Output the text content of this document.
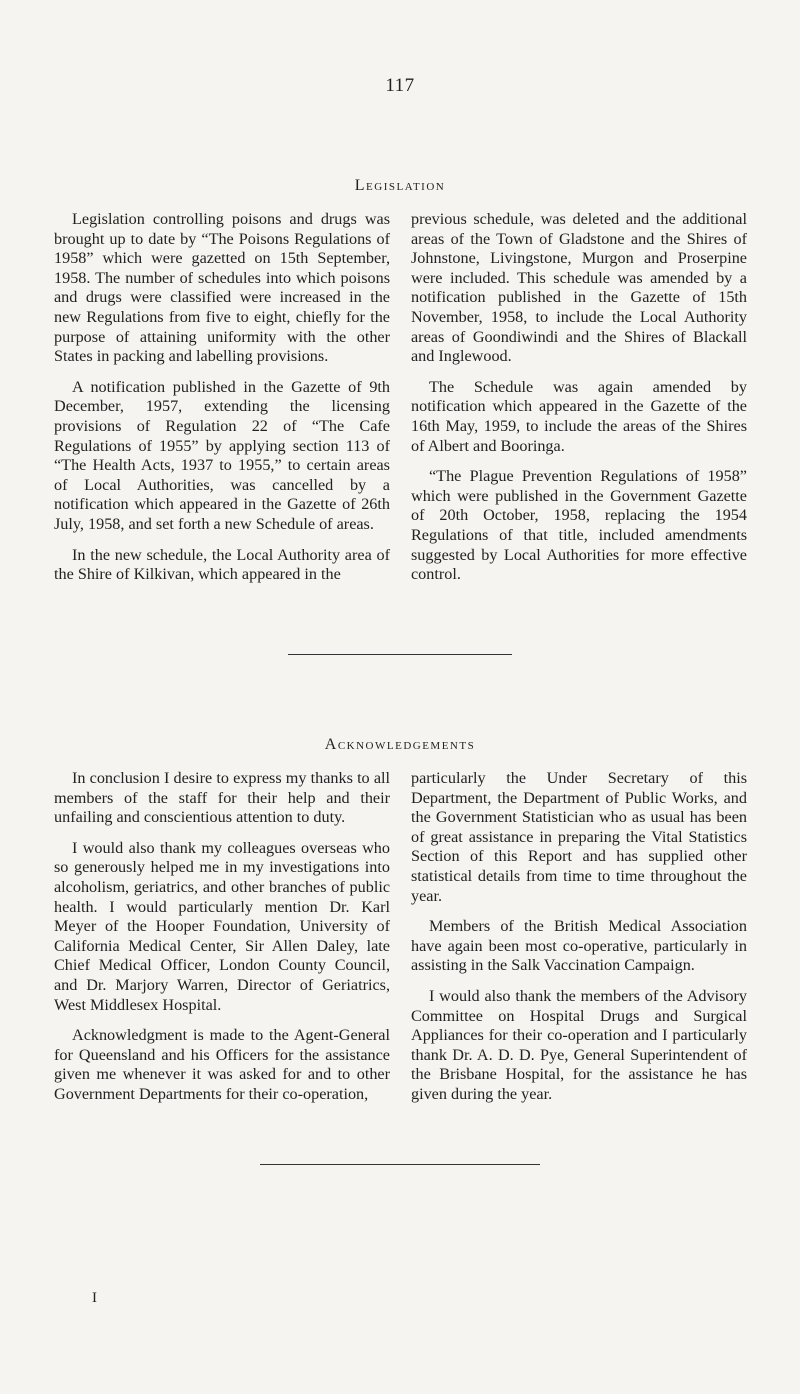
117
Legislation

Legislation controlling poisons and drugs was brought up to date by “The Poisons Regulations of 1958” which were gazetted on 15th September, 1958. The number of schedules into which poisons and drugs were classified were increased in the new Regulations from five to eight, chiefly for the purpose of attaining uniformity with the other States in packing and labelling provisions.

A notification published in the Gazette of 9th December, 1957, extending the licensing provisions of Regulation 22 of “The Cafe Regulations of 1955” by applying section 113 of “The Health Acts, 1937 to 1955,” to certain areas of Local Authorities, was cancelled by a notification which appeared in the Gazette of 26th July, 1958, and set forth a new Schedule of areas.

In the new schedule, the Local Authority area of the Shire of Kilkivan, which appeared in the

previous schedule, was deleted and the additional areas of the Town of Gladstone and the Shires of Johnstone, Livingstone, Murgon and Proserpine were included. This schedule was amended by a notification published in the Gazette of 15th November, 1958, to include the Local Authority areas of Goondiwindi and the Shires of Blackall and Inglewood.

The Schedule was again amended by notification which appeared in the Gazette of the 16th May, 1959, to include the areas of the Shires of Albert and Booringa.

“The Plague Prevention Regulations of 1958” which were published in the Government Gazette of 20th October, 1958, replacing the 1954 Regulations of that title, included amendments suggested by Local Authorities for more effective control.

Acknowledgements

In conclusion I desire to express my thanks to all members of the staff for their help and their unfailing and conscientious attention to duty.

I would also thank my colleagues overseas who so generously helped me in my investigations into alcoholism, geriatrics, and other branches of public health. I would particularly mention Dr. Karl Meyer of the Hooper Foundation, University of California Medical Center, Sir Allen Daley, late Chief Medical Officer, London County Council, and Dr. Marjory Warren, Director of Geriatrics, West Middlesex Hospital.

Acknowledgment is made to the Agent-General for Queensland and his Officers for the assistance given me whenever it was asked for and to other Government Departments for their co-operation,

particularly the Under Secretary of this Department, the Department of Public Works, and the Government Statistician who as usual has been of great assistance in preparing the Vital Statistics Section of this Report and has supplied other statistical details from time to time throughout the year.

Members of the British Medical Association have again been most co-operative, particularly in assisting in the Salk Vaccination Campaign.

I would also thank the members of the Advisory Committee on Hospital Drugs and Surgical Appliances for their co-operation and I particularly thank Dr. A. D. D. Pye, General Superintendent of the Brisbane Hospital, for the assistance he has given during the year.

I
